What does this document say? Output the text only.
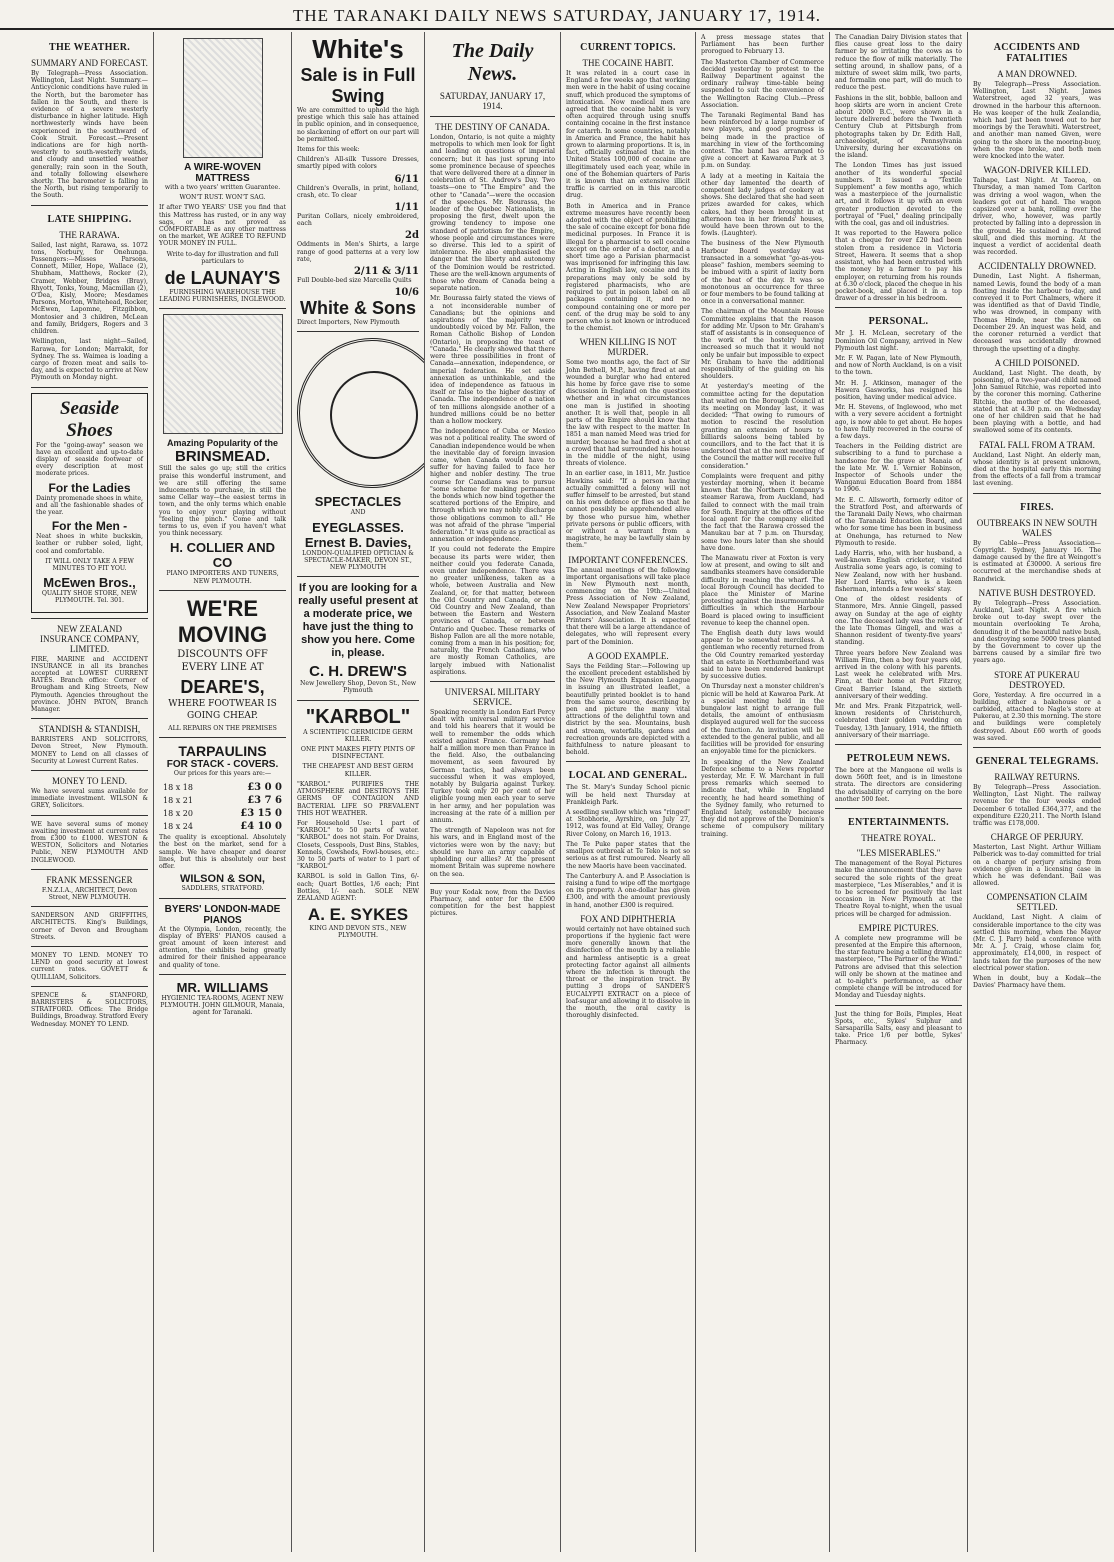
THE TARANAKI DAILY NEWS SATURDAY, JANUARY 17, 1914.
THE WEATHER.
SUMMARY AND FORECAST.

By Telegraph—Press Association. Wellington, Last Night. Summary.—Anticyclonic conditions have ruled in the North, but the barometer has fallen in the South, and there is evidence of a severe westerly disturbance in higher latitude. High northwesterly winds have been experienced in the southward of Cook Strait. Forecast.—Present indications are for high north-westerly to south-westerly winds, and cloudy and unsettled weather generally; rain soon in the South, and totally following elsewhere shortly. The barometer is falling in the North, but rising temporarily to the South.

LATE SHIPPING.
THE RARAWA.

Sailed, last night, Rarawa, ss. 1072 tons, Norbury, for Onehunga. Passengers:—Misses Parsons, Connett, Miller, Hope, Wallace (2), Shubham, Matthews, Rocker (2), Cramer, Webber, Bridges (Bray), Rhyott, Tonks, Young, Macmillan (2), O'Dea, Kisly, Moore; Mesdames Parsons, Morton, Whitehead, Rocker, McEwen, Lapomne, Fitzgibbon, Montosier and 3 children, McLean and family, Bridgers, Rogers and 3 children.

Wellington, last night—Sailed, Rarawa, for London; Marrakit, for Sydney. The ss. Waimea is loading a cargo of frozen meat and sails to-day, and is expected to arrive at New Plymouth on Monday night.

Seaside Shoes

For the "going-away" season we have an excellent and up-to-date display of seaside footwear of every description at most moderate prices.

For the Ladies

Dainty promenade shoes in white, and all the fashionable shades of the year.

For the Men -

Neat shoes in white buckskin, leather or rubber soled, light, cool and comfortable.

IT WILL ONLY TAKE A FEW MINUTES TO FIT YOU.

McEwen Bros.,

QUALITY SHOE STORE, NEW PLYMOUTH. Tel. 301.

NEW ZEALAND INSURANCE COMPANY, LIMITED.

FIRE, MARINE and ACCIDENT INSURANCE in all its branches accepted at LOWEST CURRENT RATES. Branch office: Corner of Brougham and King Streets, New Plymouth. Agencies throughout the province. JOHN PATON, Branch Manager.

STANDISH & STANDISH,

BARRISTERS AND SOLICITORS, Devon Street, New Plymouth. MONEY to Lend on all classes of Security at Lowest Current Rates.

MONEY TO LEND.

We have several sums available for immediate investment. WILSON & GREY, Solicitors.

WE have several sums of money awaiting investment at current rates from £300 to £1000. WESTON & WESTON, Solicitors and Notaries Public, NEW PLYMOUTH AND INGLEWOOD.

FRANK MESSENGER

F.N.Z.I.A., ARCHITECT, Devon Street, NEW PLYMOUTH.

SANDERSON AND GRIFFITHS, ARCHITECTS. King's Buildings, corner of Devon and Brougham Streets.

MONEY TO LEND. MONEY TO LEND on good security at lowest current rates. GOVETT & QUILLIAM, Solicitors.

SPENCE & STANFORD, BARRISTERS & SOLICITORS, STRATFORD. Offices: The Bridge Buildings, Broadway. Stratford Every Wednesday. MONEY TO LEND.

A WIRE-WOVEN MATTRESS

with a two years' written Guarantee.

WON'T RUST. WON'T SAG.

If after TWO YEARS' USE you find that this Mattress has rusted, or in any way sags, or has not proved as COMFORTABLE as any other mattress on the market, WE AGREE TO REFUND YOUR MONEY IN FULL.

Write to-day for illustration and full particulars to

de LAUNAY'S

FURNISHING WAREHOUSE THE LEADING FURNISHERS, INGLEWOOD.

Amazing Popularity of the
BRINSMEAD.

Still the sales go up; still the critics praise this wonderful instrument, and we are still offering the same inducements to purchase, in still the same Cellar way—the easiest terms in town, and the only terms which enable you to enjoy your playing without "feeling the pinch." Come and talk terms to us, even if you haven't what you think necessary.

H. COLLIER AND CO

PIANO IMPORTERS AND TUNERS, NEW PLYMOUTH.

WE'RE
MOVING

DISCOUNTS OFF EVERY LINE AT

DEARE'S,

WHERE FOOTWEAR IS GOING CHEAP.

ALL REPAIRS ON THE PREMISES

TARPAULINS
FOR STACK - COVERS.

Our prices for this years are:—

18 x 18	£3 0 0
18 x 21	£3 7 6
18 x 20	£3 15 0
18 x 24	£4 10 0

The quality is exceptional. Absolutely the best on the market, send for a sample. We have cheaper and dearer lines, but this is absolutely our best offer.

WILSON & SON,

SADDLERS, STRATFORD.

BYERS' LONDON-MADE PIANOS

At the Olympia, London, recently, the display of BYERS' PIANOS caused a great amount of keen interest and attention, the exhibits being greatly admired for their finished appearance and quality of tone.

MR. WILLIAMS

HYGIENIC TEA-ROOMS, AGENT NEW PLYMOUTH. JOHN GILMOUR, Manaia, agent for Taranaki.

White's
Sale is in Full Swing

We are committed to uphold the high prestige which this sale has attained in public opinion, and in consequence, no slackening of effort on our part will be permitted.

Items for this week:

Children's All-silk Tussore Dresses, smartly piped with colors

6/11

Children's Overalls, in print, holland, crash, etc. To clear

1/11

Puritan Collars, nicely embroidered, each

2d

Oddments in Men's Shirts, a large range of good patterns at a very low rate,

2/11 & 3/11

Full Double-bed size Marcella Quilts

10/6
White & Sons

Direct Importers, New Plymouth

SPECTACLES

AND

EYEGLASSES.
Ernest B. Davies,

LONDON-QUALIFIED OPTICIAN & SPECTACLE-MAKER, DEVON ST., NEW PLYMOUTH

If you are looking for a really useful present at a moderate price, we have just the thing to show you here. Come in, please.

C. H. DREW'S

New Jewellery Shop, Devon St., New Plymouth

"KARBOL"

A SCIENTIFIC GERMICIDE GERM KILLER.

ONE PINT MAKES FIFTY PINTS OF DISINFECTANT.

THE CHEAPEST AND BEST GERM KILLER.

"KARBOL" PURIFIES THE ATMOSPHERE and DESTROYS THE GERMS OF CONTAGION AND BACTERIAL LIFE SO PREVALENT THIS HOT WEATHER.

For Household Use: 1 part of "KARBOL" to 50 parts of water. "KARBOL" does not stain. For Drains, Closets, Cesspools, Dust Bins, Stables, Kennels, Cowsheds, Fowl-houses, etc.: 30 to 50 parts of water to 1 part of "KARBOL"

KARBOL is sold in Gallon Tins, 6/- each; Quart Bottles, 1/6 each; Pint Bottles, 1/- each. SOLE NEW ZEALAND AGENT:

A. E. SYKES

KING AND DEVON STS., NEW PLYMOUTH.

The Daily News.
SATURDAY, JANUARY 17, 1914.
THE DESTINY OF CANADA.

London, Ontario, is not quite a mighty metropolis to which men look for light and leading on questions of imperial concern; but it has just sprung into some prominence because of speeches that were delivered there at a dinner in celebration of St. Andrew's Day. Two toasts—one to "The Empire" and the other to "Canada"—were the occasion of the speeches. Mr. Bourassa, the leader of the Quebec Nationalists, in proposing the first, dwelt upon the growing tendency to impose one standard of patriotism for the Empire, whose people and circumstances were so diverse. This led to a spirit of intolerance. He also emphasised the danger that the liberty and autonomy of the Dominion would be restricted. These are the well-known arguments of those who dream of Canada being a separate nation.

Mr. Bourassa fairly stated the views of a not inconsiderable number of Canadians; but the opinions and aspirations of the majority were undoubtedly voiced by Mr. Fallon, the Roman Catholic Bishop of London (Ontario), in proposing the toast of "Canada." He clearly showed that there were three possibilities in front of Canada—annexation, independence, or imperial federation. He set aside annexation as unthinkable, and the idea of independence as fatuous in itself or false to the higher destiny of Canada. The independence of a nation of ten millions alongside another of a hundred millions could be no better than a hollow mockery.

The independence of Cuba or Mexico was not a political reality. The sword of Canadian independence would be when the inevitable day of foreign invasion came, when Canada would have to suffer for having failed to face her higher and nobler destiny. The true course for Canadians was to pursue "some scheme for making permanent the bonds which now bind together the scattered portions of the Empire, and through which we may nobly discharge those obligations common to all." He was not afraid of the phrase "imperial federation." It was quite as practical as annexation or independence.

If you could not federate the Empire because its parts were wider, then neither could you federate Canada, even under independence. There was no greater unlikeness, taken as a whole, between Australia and New Zealand, or, for that matter, between the Old Country and Canada, or the Old Country and New Zealand, than between the Eastern and Western provinces of Canada, or between Ontario and Quebec. These remarks of Bishop Fallon are all the more notable, coming from a man in his position; for, naturally, the French Canadians, who are mostly Roman Catholics, are largely imbued with Nationalist aspirations.

UNIVERSAL MILITARY SERVICE.

Speaking recently in London Earl Percy dealt with universal military service and told his hearers that it would be well to remember the odds which existed against France. Germany had half a million more men than France in the field. Also, the outbalancing movement, as seen favoured by German tactics, had always been successful when it was employed, notably by Bulgaria against Turkey. Turkey took only 20 per cent of her eligible young men each year to serve in her army, and her population was increasing at the rate of a million per annum.

The strength of Napoleon was not for his wars, and in England most of the victories were won by the navy; but should we have an army capable of upholding our allies? At the present moment Britain was supreme nowhere on the sea.

Buy your Kodak now, from the Davies Pharmacy, and enter for the £500 competition for the best happiest pictures.

CURRENT TOPICS.
THE COCAINE HABIT.

It was related in a court case in England a few weeks ago that working men were in the habit of using cocaine snuff, which produced the symptoms of intoxication. Now medical men are agreed that the cocaine habit is very often acquired through using snuffs containing cocaine in the first instance for catarrh. In some countries, notably in America and France, the habit has grown to alarming proportions. It is, in fact, officially estimated that in the United States 100,000 of cocaine are illegitimately used each year, while in one of the Bohemian quarters of Paris it is known that an extensive illicit traffic is carried on in this narcotic drug.

Both in America and in France extreme measures have recently been adopted with the object of prohibiting the sale of cocaine except for bona fide medicinal purposes. In France it is illegal for a pharmacist to sell cocaine except on the order of a doctor, and a short time ago a Parisian pharmacist was imprisoned for infringing this law. Acting in English law, cocaine and its preparations may only be sold by registered pharmacists, who are required to put in poison label on all packages containing it, and no compound containing one or more per cent. of the drug may be sold to any person who is not known or introduced to the chemist.

WHEN KILLING IS NOT MURDER.

Some two months ago, the fact of Sir John Bethell, M.P., having fired at and wounded a burglar who had entered his home by force gave rise to some discussion in England on the question whether and in what circumstances one man is justified in shooting another. It is well that, people in all parts of the Empire should know that the law with respect to the matter. In 1851 a man named Meed was tried for murder, because he had fired a shot at a crowd that had surrounded his house in the middle of the night, using threats of violence.

In an earlier case, in 1811, Mr. Justice Hawkins said: "If a person having actually committed a felony will not suffer himself to be arrested, but stand on his own defence or flies so that he cannot possibly be apprehended alive by those who pursue him, whether private persons or public officers, with or without a warrant from a magistrate, he may be lawfully slain by them."

IMPORTANT CONFERENCES.

The annual meetings of the following important organisations will take place in New Plymouth next month, commencing on the 19th:—United Press Association of New Zealand, New Zealand Newspaper Proprietors' Association, and New Zealand Master Printers' Association. It is expected that there will be a large attendance of delegates, who will represent every part of the Dominion.

A GOOD EXAMPLE.

Says the Feilding Star:—Following up the excellent precedent established by the New Plymouth Expansion League in issuing an illustrated leaflet, a beautifully printed booklet is to hand from the same source, describing by pen and picture the many vital attractions of the delightful town and district by the sea. Mountains, bush and stream, waterfalls, gardens and recreation grounds are depicted with a faithfulness to nature pleasant to behold.

LOCAL AND GENERAL.

The St. Mary's Sunday School picnic will be held next Thursday at Frankleigh Park.

A seedling swallow which was "ringed" at Stobhorie, Ayrshire, on July 27, 1912, was found at Eld Valley, Orange River Colony, on March 16, 1913.

The Te Puke paper states that the smallpox outbreak at Te Teko is not so serious as at first rumoured. Nearly all the new Maoris have been vaccinated.

The Canterbury A. and P. Association is raising a fund to wipe off the mortgage on its property. A one-dollar has given £300, and with the amount previously in hand, another £300 is required.

FOX AND DIPHTHERIA

would certainly not have obtained such proportions if the hygienic fact were more generally known that the disinfection of the mouth by a reliable and harmless antiseptic is a great protecting factor against all ailments where the infection is through the throat or the inspiration tract. By putting 3 drops of SANDER'S EUCALYPTI EXTRACT on a piece of loaf-sugar and allowing it to dissolve in the mouth, the oral cavity is thoroughly disinfected.

A press message states that Parliament has been further prorogued to February 13.

The Masterton Chamber of Commerce decided yesterday to protest to the Railway Department against the ordinary railway time-table being suspended to suit the convenience of the Wellington Racing Club.—Press Association.

The Taranaki Regimental Band has been reinforced by a large number of new players, and good progress is being made in the practice of marching in view of the forthcoming contest. The band has arranged to give a concert at Kawaroa Park at 3 p.m. on Sunday.

A lady at a meeting in Kaitaia the other day lamented the dearth of competent lady judges of cookery at shows. She declared that she had seen prizes awarded for cakes, which cakes, had they been brought in at afternoon tea in her friends' houses, would have been thrown out to the fowls. (Laughter).

The business of the New Plymouth Harbour Board yesterday was transacted in a somewhat "go-as-you-please" fashion, members seeming to be imbued with a spirit of laxity born of the heat of the day. It was so monotonous an occurrence for three or four members to be found talking at once in a conversational manner.

The chairman of the Mountain House Committee explains that the reason for adding Mr. Upson to Mr. Graham's staff of assistants is in consequence of the work of the hostelry having increased so much that it would not only be unfair but impossible to expect Mr. Graham to have the additional responsibility of the guiding on his shoulders.

At yesterday's meeting of the committee acting for the deputation that waited on the Borough Council at its meeting on Monday last, it was decided: "That owing to rumours of motion to rescind the resolution granting an extension of hours to billiards saloons being tabled by councillors, and to the fact that it is understood that at the next meeting of the Council the matter will receive full consideration."

Complaints were frequent and pithy yesterday morning, when it became known that the Northern Company's steamer Rarawa, from Auckland, had failed to connect with the mail train for South. Enquiry at the offices of the local agent for the company elicited the fact that the Rarawa crossed the Manukau bar at 7 p.m. on Thursday, some two hours later than she should have done.

The Manawatu river at Foxton is very low at present, and owing to silt and sandbanks steamers have considerable difficulty in reaching the wharf. The local Borough Council has decided to place the Minister of Marine protesting against the insurmountable difficulties in which the Harbour Board is placed owing to insufficient revenue to keep the channel open.

The English death duty laws would appear to be somewhat merciless. A gentleman who recently returned from the Old Country remarked yesterday that an estate in Northumberland was said to have been rendered bankrupt by successive duties.

On Thursday next a monster children's picnic will be held at Kawaroa Park. At a special meeting held in the bungalow last night to arrange full details, the amount of enthusiasm displayed augured well for the success of the function. An invitation will be extended to the general public, and all facilities will be provided for ensuring an enjoyable time for the picnickers.

In speaking of the New Zealand Defence scheme to a News reporter yesterday, Mr. F. W. Marchant in full press remarks which seemed to indicate that, while in England recently, he had heard something of the Sydney family, who returned to England lately, ostensibly because they did not approve of the Dominion's scheme of compulsory military training.

The Canadian Dairy Division states that flies cause great loss to the dairy farmer by so irritating the cows as to reduce the flow of milk materially. The setting around, in shallow pans, of a mixture of sweet skim milk, two parts, and formalin one part, will do much to reduce the pest.

Fashions in the slit, bobble, balloon and hoop skirts are worn in ancient Crete about 2000 B.C., were shown in a lecture delivered before the Twentieth Century Club at Pittsburgh from photographs taken by Dr. Edith Hall, archaeologist, of Pennsylvania University, during her excavations on the island.

The London Times has just issued another of its wonderful special numbers. It issued a "Textile Supplement" a few months ago, which was a masterpiece of the journalistic art, and it follows it up with an even greater production devoted to the portrayal of "Fuel," dealing principally with the coal, gas and oil industries.

It was reported to the Hawera police that a cheque for over £20 had been stolen from a residence in Victoria Street, Hawera. It seems that a shop assistant, who had been entrusted with the money by a farmer to pay his employer, on returning from his rounds at 6.30 o'clock, placed the cheque in his pocket-book, and placed it in a top drawer of a dresser in his bedroom.

PERSONAL.

Mr J. H. McLean, secretary of the Dominion Oil Company, arrived in New Plymouth last night.

Mr. F. W. Pagan, late of New Plymouth, and now of North Auckland, is on a visit to the town.

Mr. H. J. Atkinson, manager of the Hawera Gasworks, has resigned his position, having under medical advice.

Mr. H. Stevens, of Inglewood, who met with a very severe accident a fortnight ago, is now able to get about. He hopes to have fully recovered in the course of a few days.

Teachers in the Feilding district are subscribing to a fund to purchase a handsome for the grave at Manaia of the late Mr. W. I. Vernier Robinson, Inspector of Schools under the Wanganui Education Board from 1884 to 1906.

Mr. E. C. Allsworth, formerly editor of the Stratford Post, and afterwards of the Taranaki Daily News, who chairman of the Taranaki Education Board, and who for some time has been in business at Onehunga, has returned to New Plymouth to reside.

Lady Harris, who, with her husband, a well-known English cricketer, visited Australia some years ago, is coming to New Zealand, now with her husband. Her Lord Harris, who is a keen fisherman, intends a few weeks' stay.

One of the oldest residents of Stanmore, Mrs. Annie Gingell, passed away on Sunday at the age of eighty one. The deceased lady was the relict of the late Thomas Gingell, and was a Shannon resident of twenty-five years' standing.

Three years before New Zealand was William Finn, then a boy four years old, arrived in the colony with his parents. Last week he celebrated with Mrs. Finn, at their home at Port Fitzroy, Great Barrier Island, the sixtieth anniversary of their wedding.

Mr. and Mrs. Frank Fitzpatrick, well-known residents of Christchurch, celebrated their golden wedding on Tuesday, 13th January, 1914, the fiftieth anniversary of their marriage.

PETROLEUM NEWS.

The bore at the Mangaone oil wells is down 560ft feet, and is in limestone strata. The directors are considering the advisability of carrying on the bore another 500 feet.

ENTERTAINMENTS.
THEATRE ROYAL.
"LES MISERABLES."

The management of the Royal Pictures make the announcement that they have secured the sole rights of the great masterpiece, "Les Miserables," and it is to be screened for positively the last occasion in New Plymouth at the Theatre Royal to-night, when the usual prices will be charged for admission.

EMPIRE PICTURES.

A complete new programme will be presented at the Empire this afternoon, the star feature being a telling dramatic masterpiece, "The Partner of the Wind." Patrons are advised that this selection will only be shown at the matinee and at to-night's performance, as other complete change will be introduced for Monday and Tuesday nights.

Just the thing for Boils, Pimples, Heat Spots, etc., Sykes' Sulphur and Sarsaparilla Salts, easy and pleasant to take. Price 1/6 per bottle, Sykes' Pharmacy.

ACCIDENTS AND FATALITIES
A MAN DROWNED.

By Telegraph—Press Association. Wellington, Last Night. James Waterstreet, aged 32 years, was drowned in the harbour this afternoon. He was keeper of the hulk Zealandia, which had just been towed out to her moorings by the Terawhiti. Waterstreet, and another man named Given, were going to the shore in the mooring-buoy, when the rope broke, and both men were knocked into the water.

WAGON-DRIVER KILLED.

Taihape, Last Night. At Taoroa, on Thursday, a man named Tom Carlton was driving a wool wagon, when the leaders got out of hand. The wagon capsized over a bank, rolling over the driver, who, however, was partly protected by falling into a depression in the ground. He sustained a fractured skull, and died this morning. At the inquest a verdict of accidental death was recorded.

ACCIDENTALLY DROWNED.

Dunedin, Last Night. A fisherman, named Lewis, found the body of a man floating inside the harbour to-day, and conveyed it to Port Chalmers, where it was identified as that of David Tindle, who was drowned, in company with Thomas Hinde, near the Kaik on December 29. An inquest was held, and the coroner returned a verdict that deceased was accidentally drowned through the upsetting of a dinghy.

A CHILD POISONED.

Auckland, Last Night. The death, by poisoning, of a two-year-old child named John Samuel Ritchie, was reported into by the coroner this morning. Catherine Ritchie, the mother of the deceased, stated that at 4.30 p.m. on Wednesday one of her children said that he had been playing with a bottle, and had swallowed some of its contents.

FATAL FALL FROM A TRAM.

Auckland, Last Night. An elderly man, whose identity is at present unknown, died at the hospital early this morning from the effects of a fall from a tramcar last evening.

FIRES.
OUTBREAKS IN NEW SOUTH WALES

By Cable—Press Association—Copyright. Sydney, January 16. The damage caused by the fire at Weingott's is estimated at £30000. A serious fire occurred at the merchandise sheds at Randwick.

NATIVE BUSH DESTROYED.

By Telegraph—Press Association. Auckland, Last Night. A fire which broke out to-day swept over the mountain overlooking Te Aroha, denuding it of the beautiful native bush, and destroying some 5000 trees planted by the Government to cover up the barrens caused by a similar fire two years ago.

STORE AT PUKERAU DESTROYED.

Gore, Yesterday. A fire occurred in a building, either a bakehouse or a carbided, attached to Nagle's store at Pukerau, at 2.30 this morning. The store and buildings were completely destroyed. About £60 worth of goods was saved.

GENERAL TELEGRAMS.
RAILWAY RETURNS.

By Telegraph—Press Association. Wellington, Last Night. The railway revenue for the four weeks ended December 6 totalled £364,377, and the expenditure £220,211. The North Island traffic was £178,000.

CHARGE OF PERJURY.

Masterton, Last Night. Arthur William Pelberick was to-day committed for trial on a charge of perjury arising from evidence given in a licensing case in which he was defendant. Bail was allowed.

COMPENSATION CLAIM SETTLED.

Auckland, Last Night. A claim of considerable importance to the city was settled this morning, when the Mayor (Mr. C. J. Parr) held a conference with Mr. A. J. Craig, whose claim for, approximately, £14,000, in respect of lands taken for the purposes of the new electrical power station.

When in doubt, buy a Kodak—the Davies' Pharmacy have them.
